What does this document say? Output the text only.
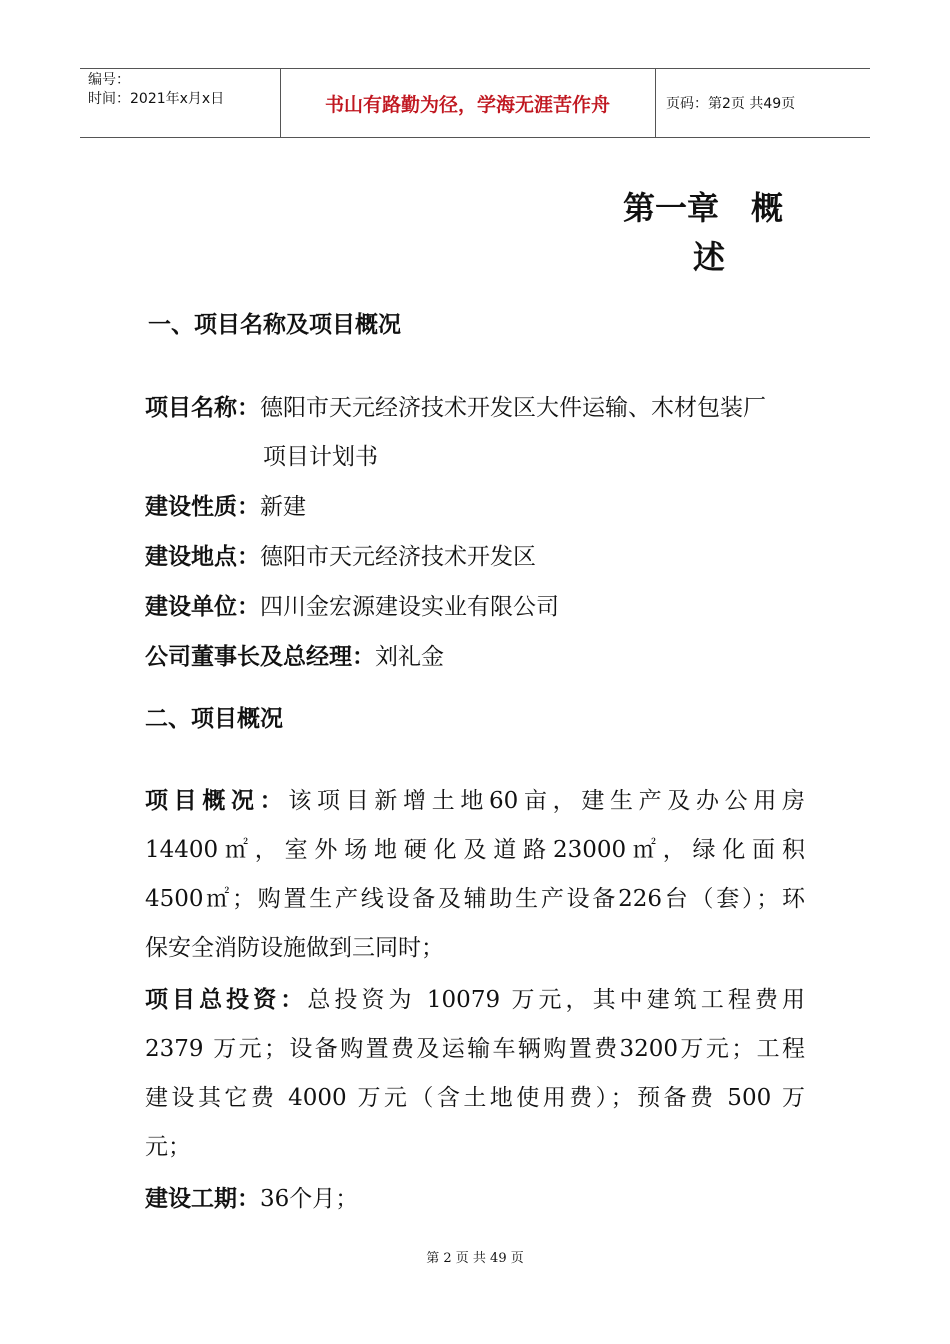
编号：
时间：2021年x月x日	书山有路勤为径，学海无涯苦作舟	页码：第2页 共49页
第一章　概
述
一、项目名称及项目概况
项目名称：德阳市天元经济技术开发区大件运输、木材包装厂
项目计划书
建设性质：新建
建设地点：德阳市天元经济技术开发区
建设单位：四川金宏源建设实业有限公司
公司董事长及总经理：刘礼金
二、项目概况
项目概况：该项目新增土地60亩，建生产及办公用房
14400㎡，室外场地硬化及道路23000㎡，绿化面积
4500㎡；购置生产线设备及辅助生产设备226台（套）；环
保安全消防设施做到三同时；
项目总投资：总投资为 10079 万元，其中建筑工程费用
2379 万元；设备购置费及运输车辆购置费3200万元；工程
建设其它费 4000 万元（含土地使用费）；预备费 500 万
元；
建设工期：36个月；
第 2 页 共 49 页
